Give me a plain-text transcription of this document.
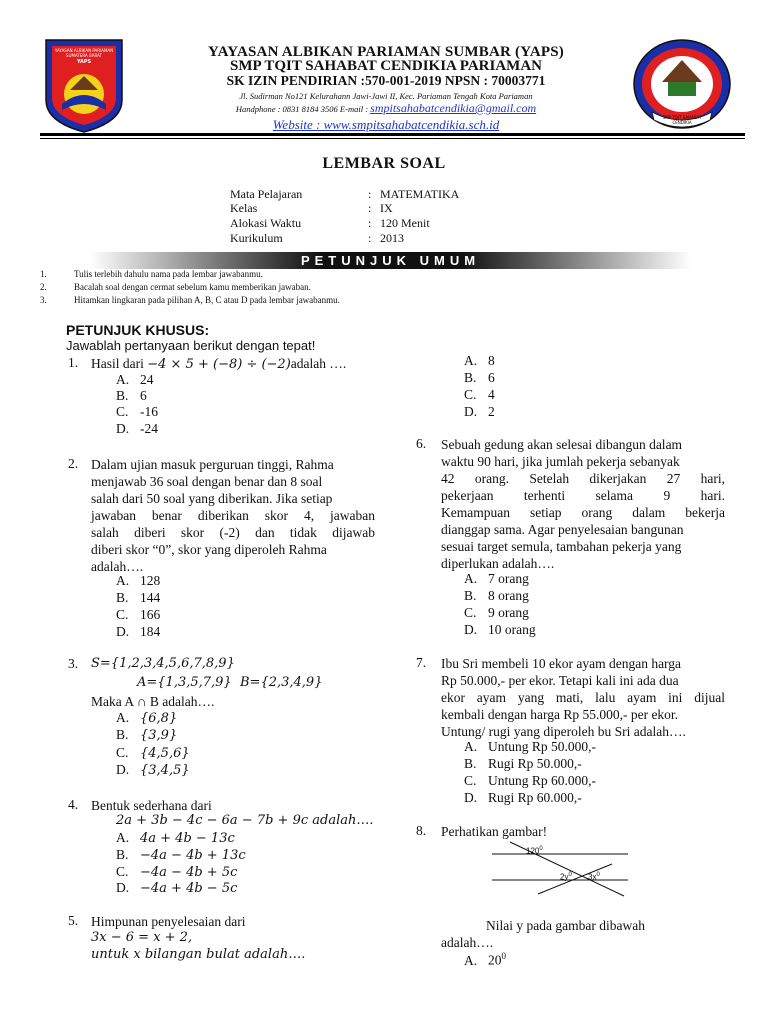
YAYASAN ALBIKAN PARIAMAN
SUMATERA BARAT
YAPS
SMP TQIT SAHABAT CENDIKIA
YAYASAN ALBIKAN PARIAMAN SUMBAR (YAPS)
SMP TQIT SAHABAT CENDIKIA PARIAMAN
SK IZIN PENDIRIAN :570-001-2019 NPSN : 70003771
Jl. Sudirman No121 Kelurahann Jawi-Jawi II, Kec. Pariaman Tengah Kota Pariaman
Handphone : 0831 8184 3506 E-mail : smpitsahabatcendikia@gmail.com
Website : www.smpitsahabatcendikia.sch.id
LEMBAR SOAL
Mata Pelajaran	: MATEMATIKA
Kelas	: IX
Alokasi Waktu	: 120 Menit
Kurikulum	: 2013
PETUNJUK UMUM
1.	Tulis terlebih dahulu nama pada lembar jawabanmu.
2.	Bacalah soal dengan cermat sebelum kamu memberikan jawaban.
3.	Hitamkan lingkaran pada pilihan A, B, C atau D pada lembar jawabanmu.
PETUNJUK KHUSUS:
Jawablah pertanyaan berikut dengan tepat!
1. Hasil dari −4 × 5 + (−8) ÷ (−2)adalah ….
A. 24
B. 6
C. -16
D. -24
2. Dalam ujian masuk perguruan tinggi, Rahma
menjawab 36 soal dengan benar dan 8 soal
salah dari 50 soal yang diberikan. Jika setiap
jawaban benar diberikan skor 4, jawaban
salah diberi skor (-2) dan tidak dijawab
diberi skor “0”, skor yang diperoleh Rahma
adalah….
A. 128
B. 144
C. 166
D. 184
3. S={1,2,3,4,5,6,7,8,9}
A={1,3,5,7,9} B={2,3,4,9}
Maka A ∩ B adalah….
A. {6,8}
B. {3,9}
C. {4,5,6}
D. {3,4,5}
4. Bentuk sederhana dari
2a + 3b − 4c − 6a − 7b + 9c adalah….
A. 4a + 4b − 13c
B. −4a − 4b + 13c
C. −4a − 4b + 5c
D. −4a + 4b − 5c
5. Himpunan penyelesaian dari
3x − 6 = x + 2,
untuk x bilangan bulat adalah….
A. 8
B. 6
C. 4
D. 2
6. Sebuah gedung akan selesai dibangun dalam
waktu 90 hari, jika jumlah pekerja sebanyak
42 orang. Setelah dikerjakan 27 hari,
pekerjaan terhenti selama 9 hari.
Kemampuan setiap orang dalam bekerja
dianggap sama. Agar penyelesaian bangunan
sesuai target semula, tambahan pekerja yang
diperlukan adalah….
A. 7 orang
B. 8 orang
C. 9 orang
D. 10 orang
7. Ibu Sri membeli 10 ekor ayam dengan harga
Rp 50.000,- per ekor. Tetapi kali ini ada dua
ekor ayam yang mati, lalu ayam ini dijual
kembali dengan harga Rp 55.000,- per ekor.
Untung/ rugi yang diperoleh bu Sri adalah….
A. Untung Rp 50.000,-
B. Rugi Rp 50.000,-
C. Untung Rp 60.000,-
D. Rugi Rp 60.000,-
8. Perhatikan gambar!
$120^0$
$2y^0$ $3x^0$
Nilai y pada gambar dibawah
adalah….
A. $20^0$
